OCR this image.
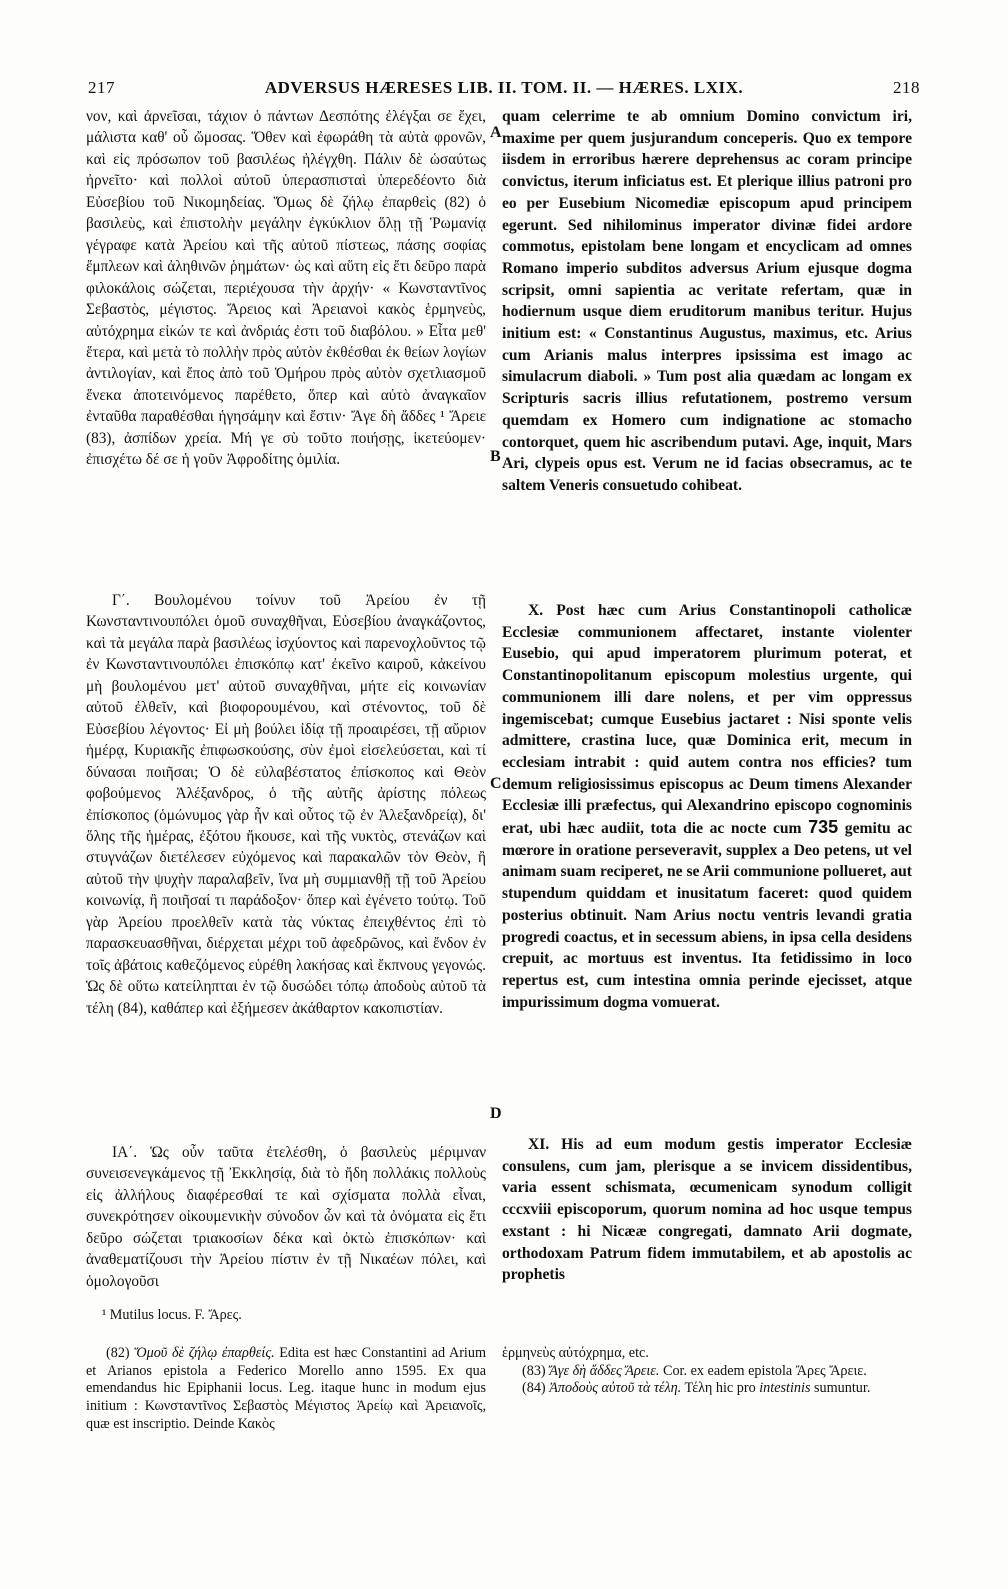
217	ADVERSUS HÆRESES LIB. II. TOM. II. — HÆRES. LXIX.	218

νον, καὶ ἀρνεῖσαι, τάχιον ὁ πάντων Δεσπότης ἐλέγξαι σε ἔχει, μάλιστα καθ' οὗ ὤμοσας. Ὅθεν καὶ ἐφωράθη τὰ αὐτὰ φρονῶν, καὶ εἰς πρόσωπον τοῦ βασιλέως ἠλέγχθη. Πάλιν δὲ ὡσαύτως ἠρνεῖτο· καὶ πολλοὶ αὐτοῦ ὑπερασπισταὶ ὑπερεδέοντο διὰ Εὐσεβίου τοῦ Νικομηδείας. Ὅμως δὲ ζήλῳ ἐπαρθεὶς (82) ὁ βασιλεὺς, καὶ ἐπιστολὴν μεγάλην ἐγκύκλιον ὅλῃ τῇ Ῥωμανίᾳ γέγραφε κατὰ Ἀρείου καὶ τῆς αὐτοῦ πίστεως, πάσης σοφίας ἔμπλεων καὶ ἀληθινῶν ῥημάτων· ὡς καὶ αὕτη εἰς ἔτι δεῦρο παρὰ φιλοκάλοις σώζεται, περιέχουσα τὴν ἀρχήν· « Κωνσταντῖνος Σεβαστὸς, μέγιστος. Ἄρειος καὶ Ἀρειανοὶ κακὸς ἑρμηνεὺς, αὐτόχρημα εἰκών τε καὶ ἀνδριάς ἐστι τοῦ διαβόλου. » Εἶτα μεθ' ἕτερα, καὶ μετὰ τὸ πολλὴν πρὸς αὐτὸν ἐκθέσθαι ἐκ θείων λογίων ἀντιλογίαν, καὶ ἔπος ἀπὸ τοῦ Ὁμήρου πρὸς αὐτὸν σχετλιασμοῦ ἕνεκα ἀποτεινόμενος παρέθετο, ὅπερ καὶ αὐτὸ ἀναγκαῖον ἐνταῦθα παραθέσθαι ἡγησάμην καὶ ἔστιν· Ἄγε δὴ ἄδδες ¹ Ἄρειε (83), ἀσπίδων χρεία. Μή γε σὺ τοῦτο ποιήσῃς, ἱκετεύομεν· ἐπισχέτω δέ σε ἡ γοῦν Ἀφροδίτης ὁμιλία.

Γ΄. Βουλομένου τοίνυν τοῦ Ἀρείου ἐν τῇ Κωνσταντινουπόλει ὁμοῦ συναχθῆναι, Εὐσεβίου ἀναγκάζοντος, καὶ τὰ μεγάλα παρὰ βασιλέως ἰσχύοντος καὶ παρενοχλοῦντος τῷ ἐν Κωνσταντινουπόλει ἐπισκόπῳ κατ' ἐκεῖνο καιροῦ, κἀκείνου μὴ βουλομένου μετ' αὐτοῦ συναχθῆναι, μήτε εἰς κοινωνίαν αὐτοῦ ἐλθεῖν, καὶ βιοφορουμένου, καὶ στένοντος, τοῦ δὲ Εὐσεβίου λέγοντος· Εἰ μὴ βούλει ἰδίᾳ τῇ προαιρέσει, τῇ αὔριον ἡμέρᾳ, Κυριακῆς ἐπιφωσκούσης, σὺν ἐμοὶ εἰσελεύσεται, καὶ τί δύνασαι ποιῆσαι; Ὁ δὲ εὐλαβέστατος ἐπίσκοπος καὶ Θεὸν φοβούμενος Ἀλέξανδρος, ὁ τῆς αὐτῆς ἀρίστης πόλεως ἐπίσκοπος (ὁμώνυμος γὰρ ἦν καὶ οὗτος τῷ ἐν Ἀλεξανδρείᾳ), δι' ὅλης τῆς ἡμέρας, ἐξότου ἤκουσε, καὶ τῆς νυκτὸς, στενάζων καὶ στυγνάζων διετέλεσεν εὐχόμενος καὶ παρακαλῶν τὸν Θεὸν, ἢ αὐτοῦ τὴν ψυχὴν παραλαβεῖν, ἵνα μὴ συμμιανθῇ τῇ τοῦ Ἀρείου κοινωνίᾳ, ἢ ποιῆσαί τι παράδοξον· ὅπερ καὶ ἐγένετο τούτῳ. Τοῦ γὰρ Ἀρείου προελθεῖν κατὰ τὰς νύκτας ἐπειχθέντος ἐπὶ τὸ παρασκευασθῆναι, διέρχεται μέχρι τοῦ ἀφεδρῶνος, καὶ ἔνδον ἐν τοῖς ἀβάτοις καθεζόμενος εὑρέθη λακήσας καὶ ἔκπνους γεγονώς. Ὡς δὲ οὕτω κατείληπται ἐν τῷ δυσώδει τόπῳ ἀποδοὺς αὐτοῦ τὰ τέλη (84), καθάπερ καὶ ἐξήμεσεν ἀκάθαρτον κακοπιστίαν.

ΙΑ΄. Ὡς οὖν ταῦτα ἐτελέσθη, ὁ βασιλεὺς μέριμναν συνεισενεγκάμενος τῇ Ἐκκλησίᾳ, διὰ τὸ ἤδη πολλάκις πολλοὺς εἰς ἀλλήλους διαφέρεσθαί τε καὶ σχίσματα πολλὰ εἶναι, συνεκρότησεν οἰκουμενικὴν σύνοδον ὧν καὶ τὰ ὀνόματα εἰς ἔτι δεῦρο σώζεται τριακοσίων δέκα καὶ ὀκτὼ ἐπισκόπων· καὶ ἀναθεματίζουσι τὴν Ἀρείου πίστιν ἐν τῇ Νικαέων πόλει, καὶ ὁμολογοῦσι

A
B
C
D

quam celerrime te ab omnium Domino convictum iri, maxime per quem jusjurandum conceperis. Quo ex tempore iisdem in erroribus hærere deprehensus ac coram principe convictus, iterum inficiatus est. Et plerique illius patroni pro eo per Eusebium Nicomediæ episcopum apud principem egerunt. Sed nihilominus imperator divinæ fidei ardore commotus, epistolam bene longam et encyclicam ad omnes Romano imperio subditos adversus Arium ejusque dogma scripsit, omni sapientia ac veritate refertam, quæ in hodiernum usque diem eruditorum manibus teritur. Hujus initium est: « Constantinus Augustus, maximus, etc. Arius cum Arianis malus interpres ipsissima est imago ac simulacrum diaboli. » Tum post alia quædam ac longam ex Scripturis sacris illius refutationem, postremo versum quemdam ex Homero cum indignatione ac stomacho contorquet, quem hic ascribendum putavi. Age, inquit, Mars Ari, clypeis opus est. Verum ne id facias obsecramus, ac te saltem Veneris consuetudo cohibeat.

X. Post hæc cum Arius Constantinopoli catholicæ Ecclesiæ communionem affectaret, instante violenter Eusebio, qui apud imperatorem plurimum poterat, et Constantinopolitanum episcopum molestius urgente, qui communionem illi dare nolens, et per vim oppressus ingemiscebat; cumque Eusebius jactaret : Nisi sponte velis admittere, crastina luce, quæ Dominica erit, mecum in ecclesiam intrabit : quid autem contra nos efficies? tum demum religiosissimus episcopus ac Deum timens Alexander Ecclesiæ illi præfectus, qui Alexandrino episcopo cognominis erat, ubi hæc audiit, tota die ac nocte cum 735 gemitu ac mœrore in oratione perseveravit, supplex a Deo petens, ut vel animam suam reciperet, ne se Arii communione pollueret, aut stupendum quiddam et inusitatum faceret: quod quidem posterius obtinuit. Nam Arius noctu ventris levandi gratia progredi coactus, et in secessum abiens, in ipsa cella desidens crepuit, ac mortuus est inventus. Ita fetidissimo in loco repertus est, cum intestina omnia perinde ejecisset, atque impurissimum dogma vomuerat.

XI. His ad eum modum gestis imperator Ecclesiæ consulens, cum jam, plerisque a se invicem dissidentibus, varia essent schismata, œcumenicam synodum colligit cccxviii episcoporum, quorum nomina ad hoc usque tempus exstant : hi Nicææ congregati, damnato Arii dogmate, orthodoxam Patrum fidem immutabilem, et ab apostolis ac prophetis

¹ Mutilus locus. F. Ἄρες.

(82) Ὅμοῦ δὲ ζήλῳ ἐπαρθείς. Edita est hæc Constantini ad Arium et Arianos epistola a Federico Morello anno 1595. Ex qua emendandus hic Epiphanii locus. Leg. itaque hunc in modum ejus initium : Κωνσταντῖνος Σεβαστὸς Μέγιστος Ἀρείῳ καὶ Ἀρειανοῖς, quæ est inscriptio. Deinde Κακὸς

ἑρμηνεὺς αὐτόχρημα, etc.

(83) Ἄγε δὴ ἄδδες Ἄρειε. Cor. ex eadem epistola Ἄρες Ἄρειε.

(84) Ἀποδοὺς αὐτοῦ τὰ τέλη. Τέλη hic pro intestinis sumuntur.
